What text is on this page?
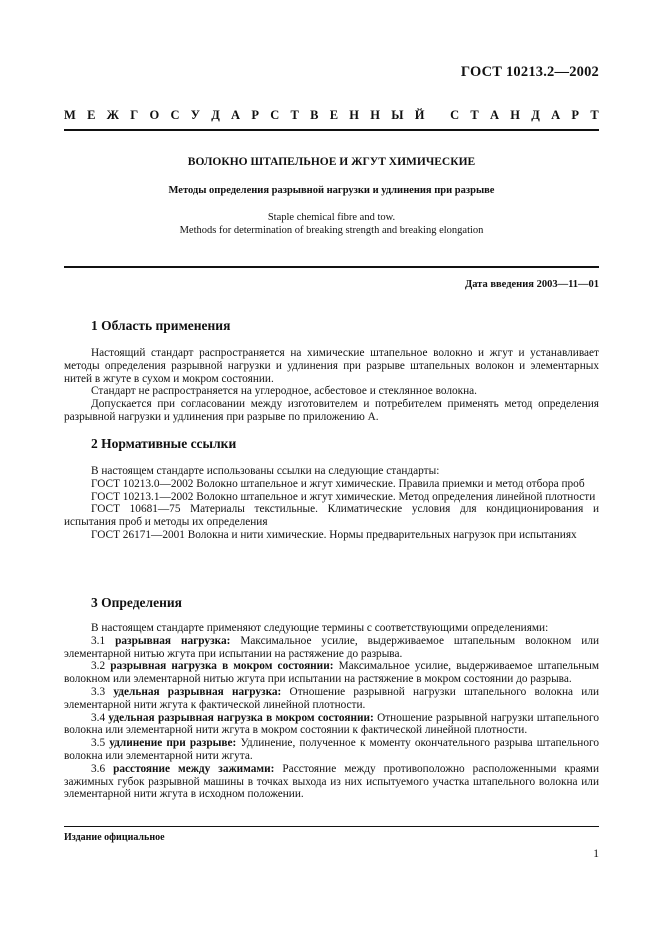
ГОСТ 10213.2—2002
М Е Ж Г О С У Д А Р С Т В Е Н Н Ы Й
С Т А Н Д А Р Т
ВОЛОКНО ШТАПЕЛЬНОЕ И ЖГУТ ХИМИЧЕСКИЕ
Методы определения разрывной нагрузки и удлинения при разрыве
Staple chemical fibre and tow.
Methods for determination of breaking strength and breaking elongation
Дата введения 2003—11—01
1 Область применения

Настоящий стандарт распространяется на химические штапельное волокно и жгут и устанавливает методы определения разрывной нагрузки и удлинения при разрыве штапельных волокон и элементарных нитей в жгуте в сухом и мокром состоянии.

Стандарт не распространяется на углеродное, асбестовое и стеклянное волокна.

Допускается при согласовании между изготовителем и потребителем применять метод определения разрывной нагрузки и удлинения при разрыве по приложению А.

2 Нормативные ссылки

В настоящем стандарте использованы ссылки на следующие стандарты:

ГОСТ 10213.0—2002 Волокно штапельное и жгут химические. Правила приемки и метод отбора проб

ГОСТ 10213.1—2002 Волокно штапельное и жгут химические. Метод определения линейной плотности

ГОСТ 10681—75 Материалы текстильные. Климатические условия для кондиционирования и испытания проб и методы их определения

ГОСТ 26171—2001 Волокна и нити химические. Нормы предварительных нагрузок при испытаниях

3 Определения

В настоящем стандарте применяют следующие термины с соответствующими определениями:

3.1 разрывная нагрузка: Максимальное усилие, выдерживаемое штапельным волокном или элементарной нитью жгута при испытании на растяжение до разрыва.

3.2 разрывная нагрузка в мокром состоянии: Максимальное усилие, выдерживаемое штапельным волокном или элементарной нитью жгута при испытании на растяжение в мокром состоянии до разрыва.

3.3 удельная разрывная нагрузка: Отношение разрывной нагрузки штапельного волокна или элементарной нити жгута к фактической линейной плотности.

3.4 удельная разрывная нагрузка в мокром состоянии: Отношение разрывной нагрузки штапельного волокна или элементарной нити жгута в мокром состоянии к фактической линейной плотности.

3.5 удлинение при разрыве: Удлинение, полученное к моменту окончательного разрыва штапельного волокна или элементарной нити жгута.

3.6 расстояние между зажимами: Расстояние между противоположно расположенными краями зажимных губок разрывной машины в точках выхода из них испытуемого участка штапельного волокна или элементарной нити жгута в исходном положении.

Издание официальное
1
